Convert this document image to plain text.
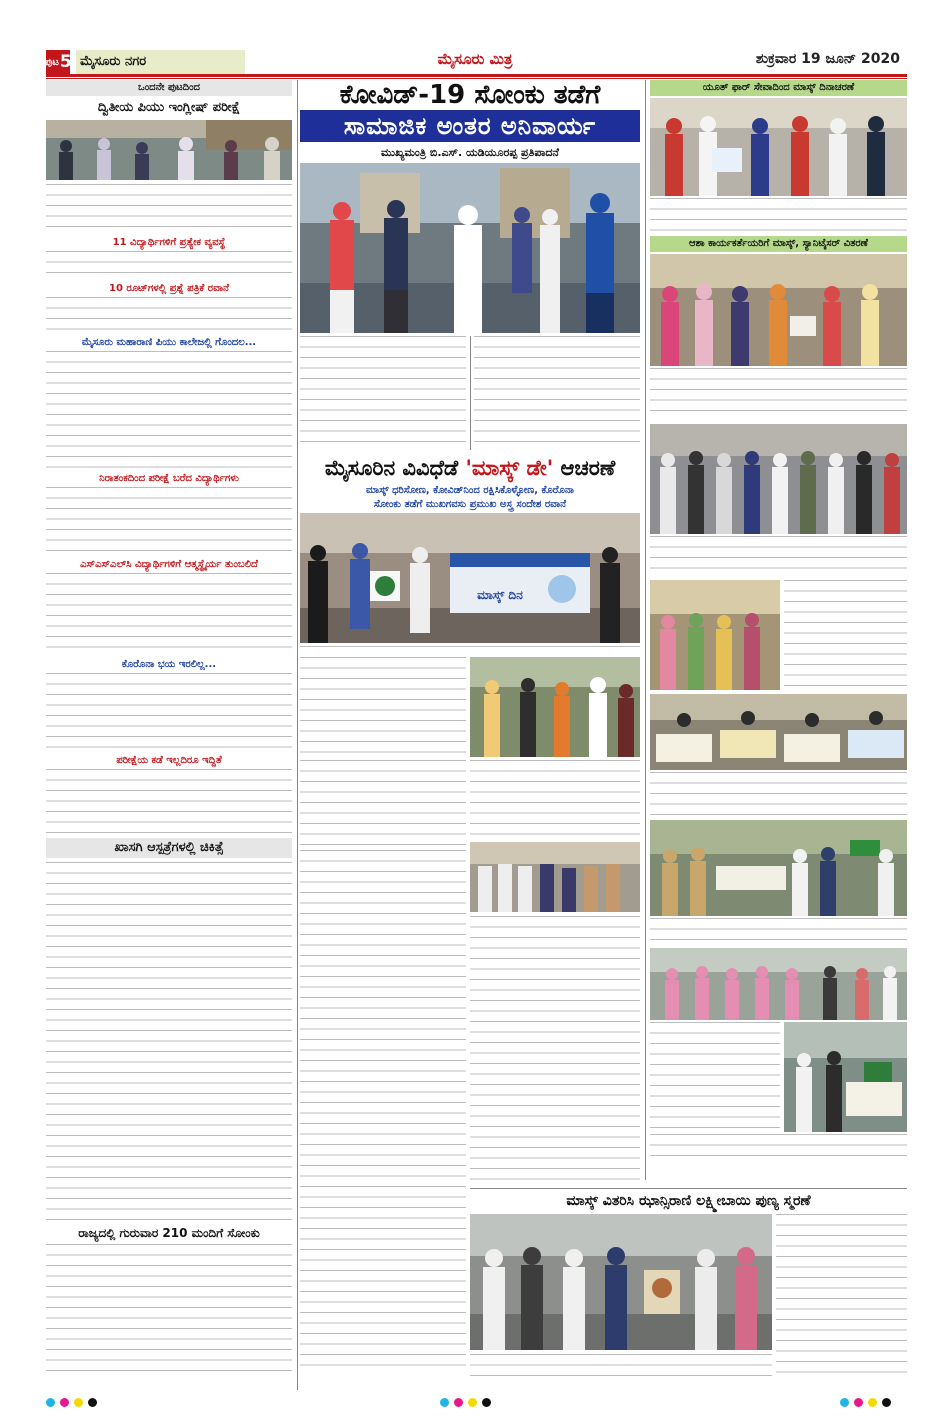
ಪುಟ 5 ಮೈಸೂರು ನಗರ	ಮೈಸೂರು ಮಿತ್ರ	ಶುಕ್ರವಾರ 19 ಜೂನ್ 2020
ಒಂದನೇ ಪುಟದಿಂದ
ದ್ವಿತೀಯ ಪಿಯು ಇಂಗ್ಲೀಷ್ ಪರೀಕ್ಷೆ
11 ವಿದ್ಯಾರ್ಥಿಗಳಿಗೆ ಪ್ರತ್ಯೇಕ ವ್ಯವಸ್ಥೆ
10 ರೂಟ್‌ಗಳಲ್ಲಿ ಪ್ರಶ್ನೆ ಪತ್ರಿಕೆ ರವಾನೆ
ಮೈಸೂರು ಮಹಾರಾಣಿ ಪಿಯು ಕಾಲೇಜಲ್ಲಿ ಗೊಂದಲ...
ನಿರಾತಂಕದಿಂದ ಪರೀಕ್ಷೆ ಬರೆದ ವಿದ್ಯಾರ್ಥಿಗಳು
ಎಸ್‌ಎಸ್‌ಎಲ್‌ಸಿ ವಿದ್ಯಾರ್ಥಿಗಳಿಗೆ ಆತ್ಮಸ್ಥೈರ್ಯ ತುಂಬಲಿದೆ
ಕೊರೊನಾ ಭಯ ಇರಲಿಲ್ಲ...
ಪರೀಕ್ಷೆಯ ಕಡೆ ಇಲ್ಲದಿರೂ ಇದ್ದಿತೆ
ಖಾಸಗಿ ಆಸ್ಪತ್ರೆಗಳಲ್ಲಿ ಚಿಕಿತ್ಸೆ
ರಾಜ್ಯದಲ್ಲಿ ಗುರುವಾರ 210 ಮಂದಿಗೆ ಸೋಂಕು
ಕೋವಿಡ್-19 ಸೋಂಕು ತಡೆಗೆ
ಸಾಮಾಜಿಕ ಅಂತರ ಅನಿವಾರ್ಯ
ಮುಖ್ಯಮಂತ್ರಿ ಬಿ.ಎಸ್. ಯಡಿಯೂರಪ್ಪ ಪ್ರತಿಪಾದನೆ
ಮೈಸೂರಿನ ವಿವಿಧೆಡೆ 'ಮಾಸ್ಕ್ ಡೇ' ಆಚರಣೆ
ಮಾಸ್ಕ್ ಧರಿಸೋಣ, ಕೋವಿಡ್‌ನಿಂದ ರಕ್ಷಿಸಿಕೊಳ್ಳೋಣ, ಕೊರೊನಾ
ಸೋಂಕು ತಡೆಗೆ ಮುಖಗವಸು ಪ್ರಮುಖ ಅಸ್ತ್ರ ಸಂದೇಶ ರವಾನೆ
ಮಾಸ್ಕ್ ದಿನ
ಯೂತ್ ಫಾರ್ ಸೇವಾದಿಂದ ಮಾಸ್ಕ್ ದಿನಾಚರಣೆ
ಆಶಾ ಕಾರ್ಯಕರ್ತೆಯರಿಗೆ ಮಾಸ್ಕ್, ಸ್ಯಾನಿಟೈಸರ್ ವಿತರಣೆ
ಮಾಸ್ಕ್ ವಿತರಿಸಿ ಝಾನ್ಸಿರಾಣಿ ಲಕ್ಷ್ಮೀಬಾಯಿ ಪುಣ್ಯ ಸ್ಮರಣೆ
